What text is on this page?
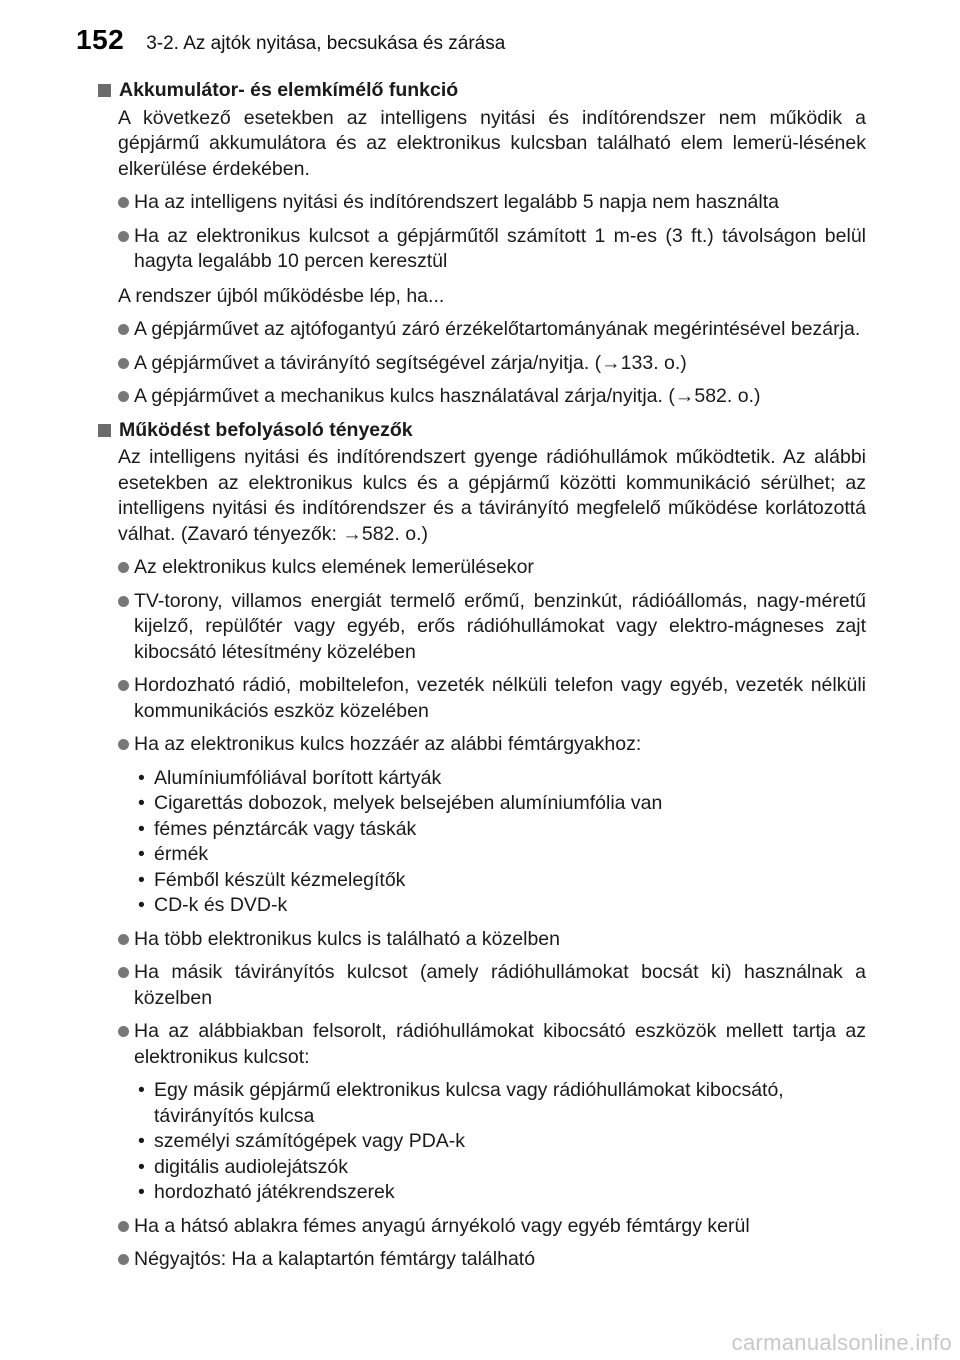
152 3-2. Az ajtók nyitása, becsukása és zárása

Akkumulátor- és elemkímélő funkció

A következő esetekben az intelligens nyitási és indítórendszer nem működik a gépjármű akkumulátora és az elektronikus kulcsban található elem lemerü-lésének elkerülése érdekében.

Ha az intelligens nyitási és indítórendszert legalább 5 napja nem használta
Ha az elektronikus kulcsot a gépjárműtől számított 1 m-es (3 ft.) távolságon belül hagyta legalább 10 percen keresztül

A rendszer újból működésbe lép, ha...

A gépjárművet az ajtófogantyú záró érzékelőtartományának megérintésével bezárja.
A gépjárművet a távirányító segítségével zárja/nyitja. (→133. o.)
A gépjárművet a mechanikus kulcs használatával zárja/nyitja. (→582. o.)

Működést befolyásoló tényezők

Az intelligens nyitási és indítórendszert gyenge rádióhullámok működtetik. Az alábbi esetekben az elektronikus kulcs és a gépjármű közötti kommunikáció sérülhet; az intelligens nyitási és indítórendszer és a távirányító megfelelő működése korlátozottá válhat. (Zavaró tényezők: →582. o.)

Az elektronikus kulcs elemének lemerülésekor
TV-torony, villamos energiát termelő erőmű, benzinkút, rádióállomás, nagy-méretű kijelző, repülőtér vagy egyéb, erős rádióhullámokat vagy elektro-mágneses zajt kibocsátó létesítmény közelében
Hordozható rádió, mobiltelefon, vezeték nélküli telefon vagy egyéb, vezeték nélküli kommunikációs eszköz közelében
Ha az elektronikus kulcs hozzáér az alábbi fémtárgyakhoz:
• Alumíniumfóliával borított kártyák
• Cigarettás dobozok, melyek belsejében alumíniumfólia van
• fémes pénztárcák vagy táskák
• érmék
• Fémből készült kézmelegítők
• CD-k és DVD-k
Ha több elektronikus kulcs is található a közelben
Ha másik távirányítós kulcsot (amely rádióhullámokat bocsát ki) használnak a közelben
Ha az alábbiakban felsorolt, rádióhullámokat kibocsátó eszközök mellett tartja az elektronikus kulcsot:
• Egy másik gépjármű elektronikus kulcsa vagy rádióhullámokat kibocsátó, távirányítós kulcsa
• személyi számítógépek vagy PDA-k
• digitális audiolejátszók
• hordozható játékrendszerek
Ha a hátsó ablakra fémes anyagú árnyékoló vagy egyéb fémtárgy kerül
Négyajtós: Ha a kalaptartón fémtárgy található
carmanualsonline.info
